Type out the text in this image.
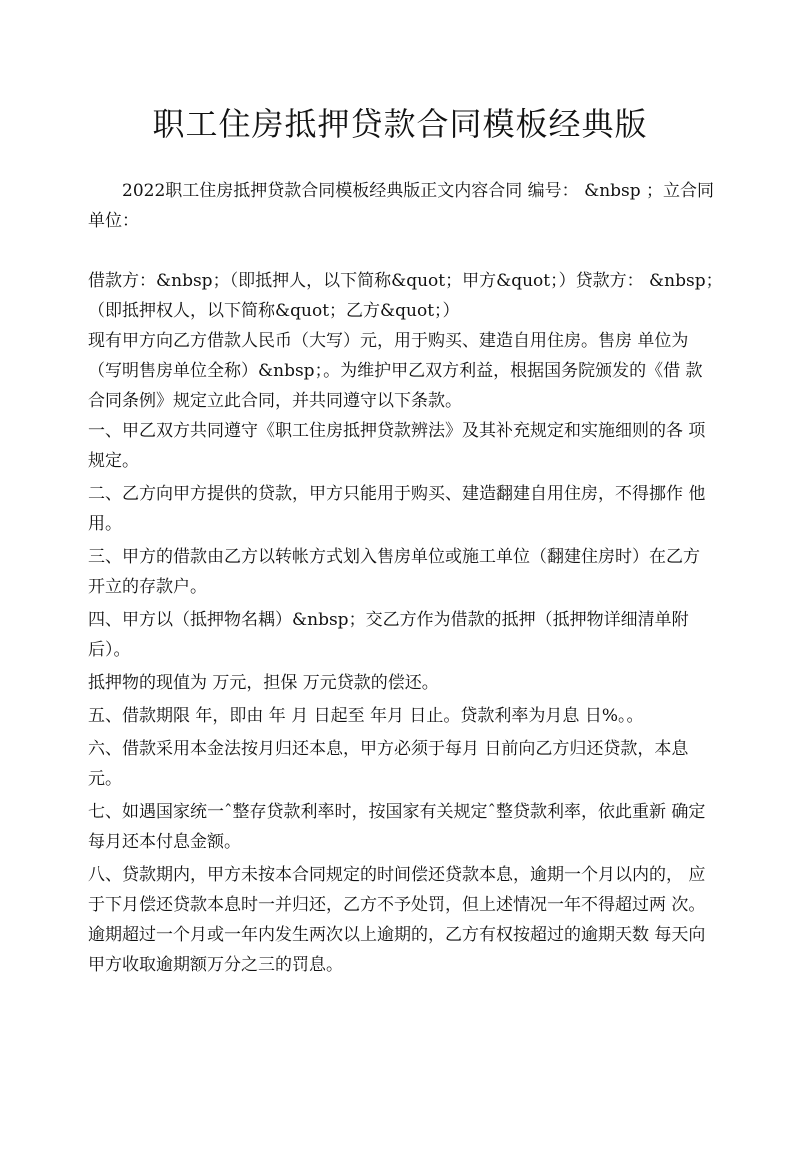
职工住房抵押贷款合同模板经典版

2022职工住房抵押贷款合同模板经典版正文内容合同 编号： &nbsp ；立合同
单位：

借款方：&nbsp；（即抵押人，以下简称&quot；甲方&quot；）贷款方： &nbsp；
（即抵押权人，以下简称&quot；乙方&quot；）

现有甲方向乙方借款人民币（大写）元，用于购买、建造自用住房。售房 单位为
（写明售房单位全称）&nbsp；。为维护甲乙双方利益，根据国务院颁发的《借 款
合同条例》规定立此合同，并共同遵守以下条款。

一、甲乙双方共同遵守《职工住房抵押贷款辨法》及其补充规定和实施细则的各 项
规定。

二、乙方向甲方提供的贷款，甲方只能用于购买、建造翻建自用住房，不得挪作 他
用。

三、甲方的借款由乙方以转帐方式划入售房单位或施工单位（翻建住房时）在乙方
开立的存款户。

四、甲方以（抵押物名耦）&nbsp；交乙方作为借款的抵押（抵押物详细清单附
后）。

抵押物的现值为 万元，担保 万元贷款的偿还。

五、借款期限 年，即由 年 月 日起至 年月 日止。贷款利率为月息 日%。。

六、借款采用本金法按月归还本息，甲方必须于每月 日前向乙方归还贷款，本息
元。

七、如遇国家统一ˆ整存贷款利率时，按国家有关规定ˆ整贷款利率，依此重新 确定
每月还本付息金额。

八、贷款期内，甲方未按本合同规定的时间偿还贷款本息，逾期一个月以内的， 应
于下月偿还贷款本息时一并归还，乙方不予处罚，但上述情况一年不得超过两 次。
逾期超过一个月或一年内发生两次以上逾期的，乙方有权按超过的逾期天数 每天向
甲方收取逾期额万分之三的罚息。
